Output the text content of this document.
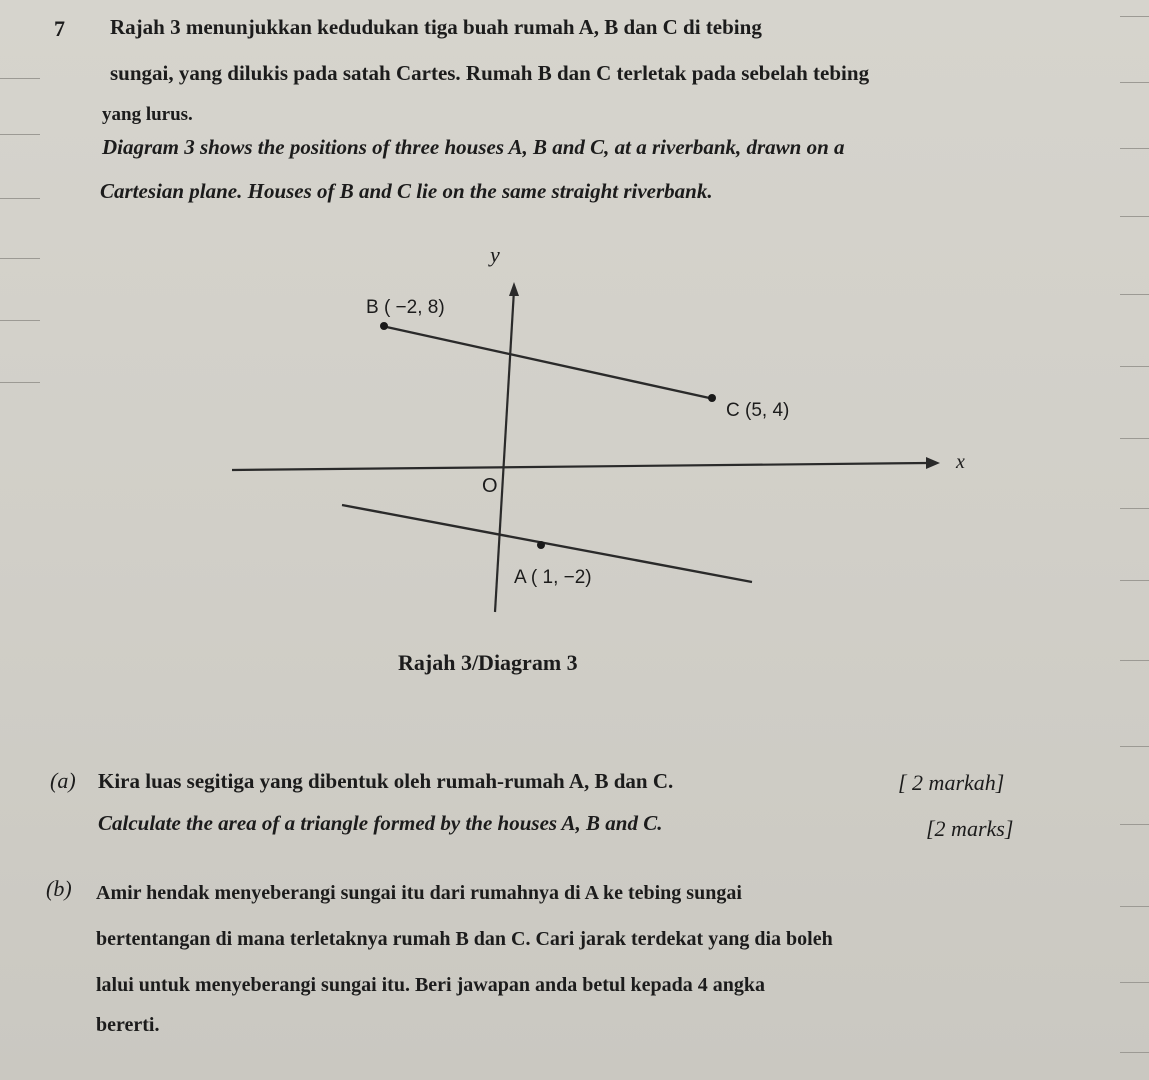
7 Rajah 3 menunjukkan kedudukan tiga buah rumah A, B dan C di tebing
sungai, yang dilukis pada satah Cartes. Rumah B dan C terletak pada sebelah tebing
yang lurus.
Diagram 3 shows the positions of three houses A, B and C, at a riverbank, drawn on a
Cartesian plane. Houses of B and C lie on the same straight riverbank.
y
x
O
B ( −2, 8)
C (5, 4)
A ( 1, −2)
Rajah 3/Diagram 3
(a) Kira luas segitiga yang dibentuk oleh rumah-rumah A, B dan C.
Calculate the area of a triangle formed by the houses A, B and C.
[ 2 markah]
[2 marks]
(b) Amir hendak menyeberangi sungai itu dari rumahnya di A ke tebing sungai
bertentangan di mana terletaknya rumah B dan C. Cari jarak terdekat yang dia boleh
lalui untuk menyeberangi sungai itu. Beri jawapan anda betul kepada 4 angka
bererti.
